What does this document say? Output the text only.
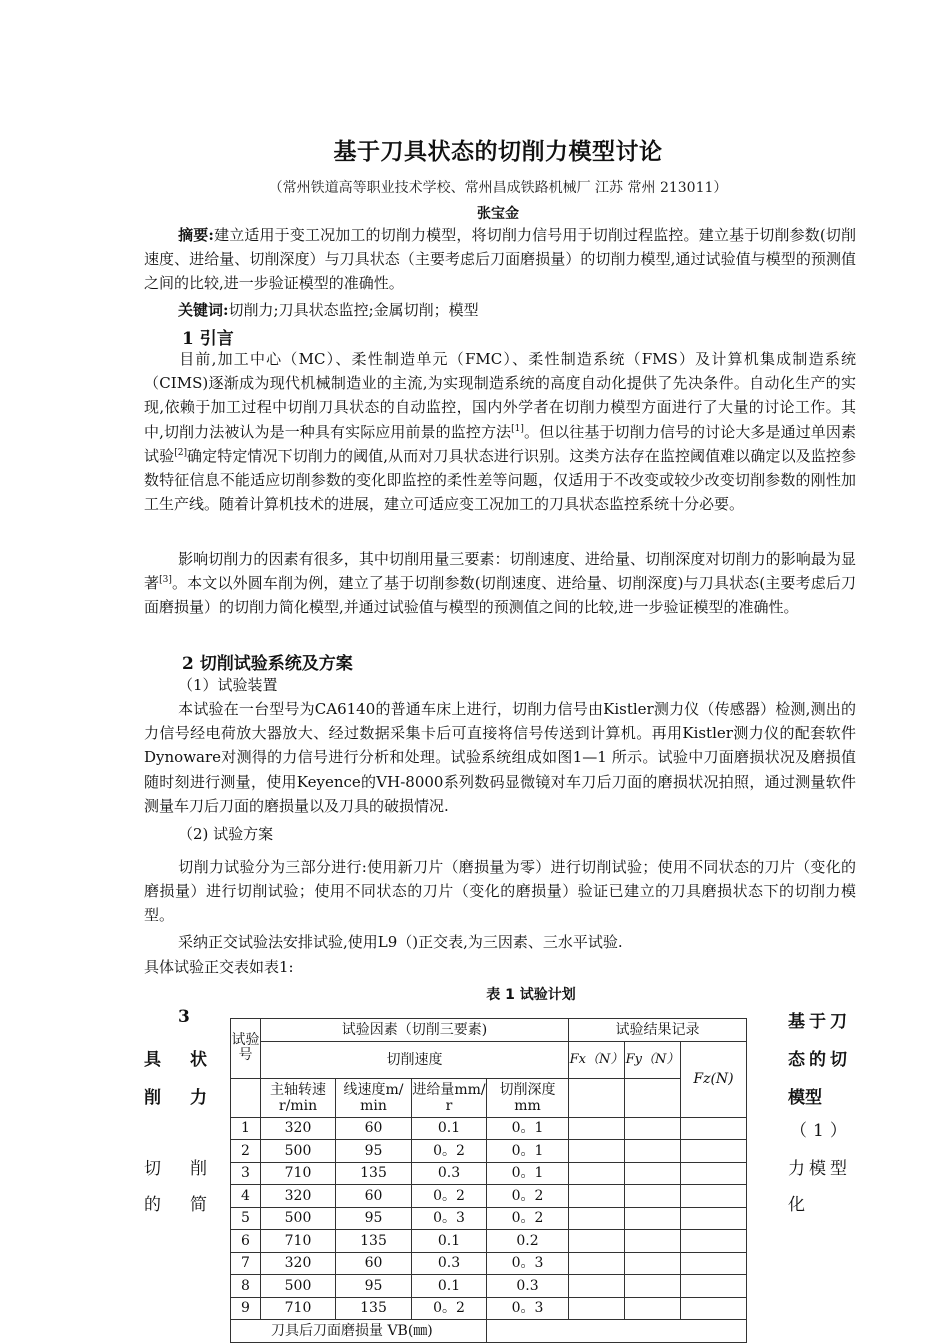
基于刀具状态的切削力模型讨论
（常州铁道高等职业技术学校、常州昌成铁路机械厂 江苏 常州 213011）
张宝金
摘要:建立适用于变工况加工的切削力模型，将切削力信号用于切削过程监控。建立基于切削参数(切削速度、进给量、切削深度）与刀具状态（主要考虑后刀面磨损量）的切削力模型,通过试验值与模型的预测值之间的比较,进一步验证模型的准确性。
关键词:切削力;刀具状态监控;金属切削；模型
1 引言
目前,加工中心（MC）、柔性制造单元（FMC）、柔性制造系统（FMS）及计算机集成制造系统（CIMS)逐渐成为现代机械制造业的主流,为实现制造系统的高度自动化提供了先决条件。自动化生产的实现,依赖于加工过程中切削刀具状态的自动监控，国内外学者在切削力模型方面进行了大量的讨论工作。其中,切削力法被认为是一种具有实际应用前景的监控方法[1]。但以往基于切削力信号的讨论大多是通过单因素试验[2]确定特定情况下切削力的阈值,从而对刀具状态进行识别。这类方法存在监控阈值难以确定以及监控参数特征信息不能适应切削参数的变化即监控的柔性差等问题，仅适用于不改变或较少改变切削参数的刚性加工生产线。随着计算机技术的进展，建立可适应变工况加工的刀具状态监控系统十分必要。
影响切削力的因素有很多，其中切削用量三要素：切削速度、进给量、切削深度对切削力的影响最为显著[3]。本文以外圆车削为例，建立了基于切削参数(切削速度、进给量、切削深度)与刀具状态(主要考虑后刀面磨损量）的切削力简化模型,并通过试验值与模型的预测值之间的比较,进一步验证模型的准确性。
2 切削试验系统及方案
（1）试验装置
本试验在一台型号为CA6140的普通车床上进行，切削力信号由Kistler测力仪（传感器）检测,测出的力信号经电荷放大器放大、经过数据采集卡后可直接将信号传送到计算机。再用Kistler测力仪的配套软件Dynoware对测得的力信号进行分析和处理。试验系统组成如图1—1 所示。试验中刀面磨损状况及磨损值随时刻进行测量，使用Keyence的VH-8000系列数码显微镜对车刀后刀面的磨损状况拍照，通过测量软件测量车刀后刀面的磨损量以及刀具的破损情况.
（2) 试验方案
切削力试验分为三部分进行:使用新刀片（磨损量为零）进行切削试验；使用不同状态的刀片（变化的磨损量）进行切削试验；使用不同状态的刀片（变化的磨损量）验证已建立的刀具磨损状态下的切削力模型。
采纳正交试验法安排试验,使用L9（)正交表,为三因素、三水平试验.
具体试验正交表如表1:
表 1 试验计划
3
具 状
削 力
切 削
的 简
基于刀
态的切
模型
（1）
力模型
化
试验号	试验因素（切削三要素)				试验结果记录		
	切削速度				Fx（N）	Fy（N）	Fz(N)
	主轴转速r/min	线速度m/ min	进给量mm/ r	切削深度mm			
1	320	60	0.1	0。1			
2	500	95	0。2	0。1			
3	710	135	0.3	0。1			
4	320	60	0。2	0。2			
5	500	95	0。3	0。2			
6	710	135	0.1	0.2			
7	320	60	0.3	0。3			
8	500	95	0.1	0.3			
9	710	135	0。2	0。3			
刀具后刀面磨损量 VB(㎜)							
